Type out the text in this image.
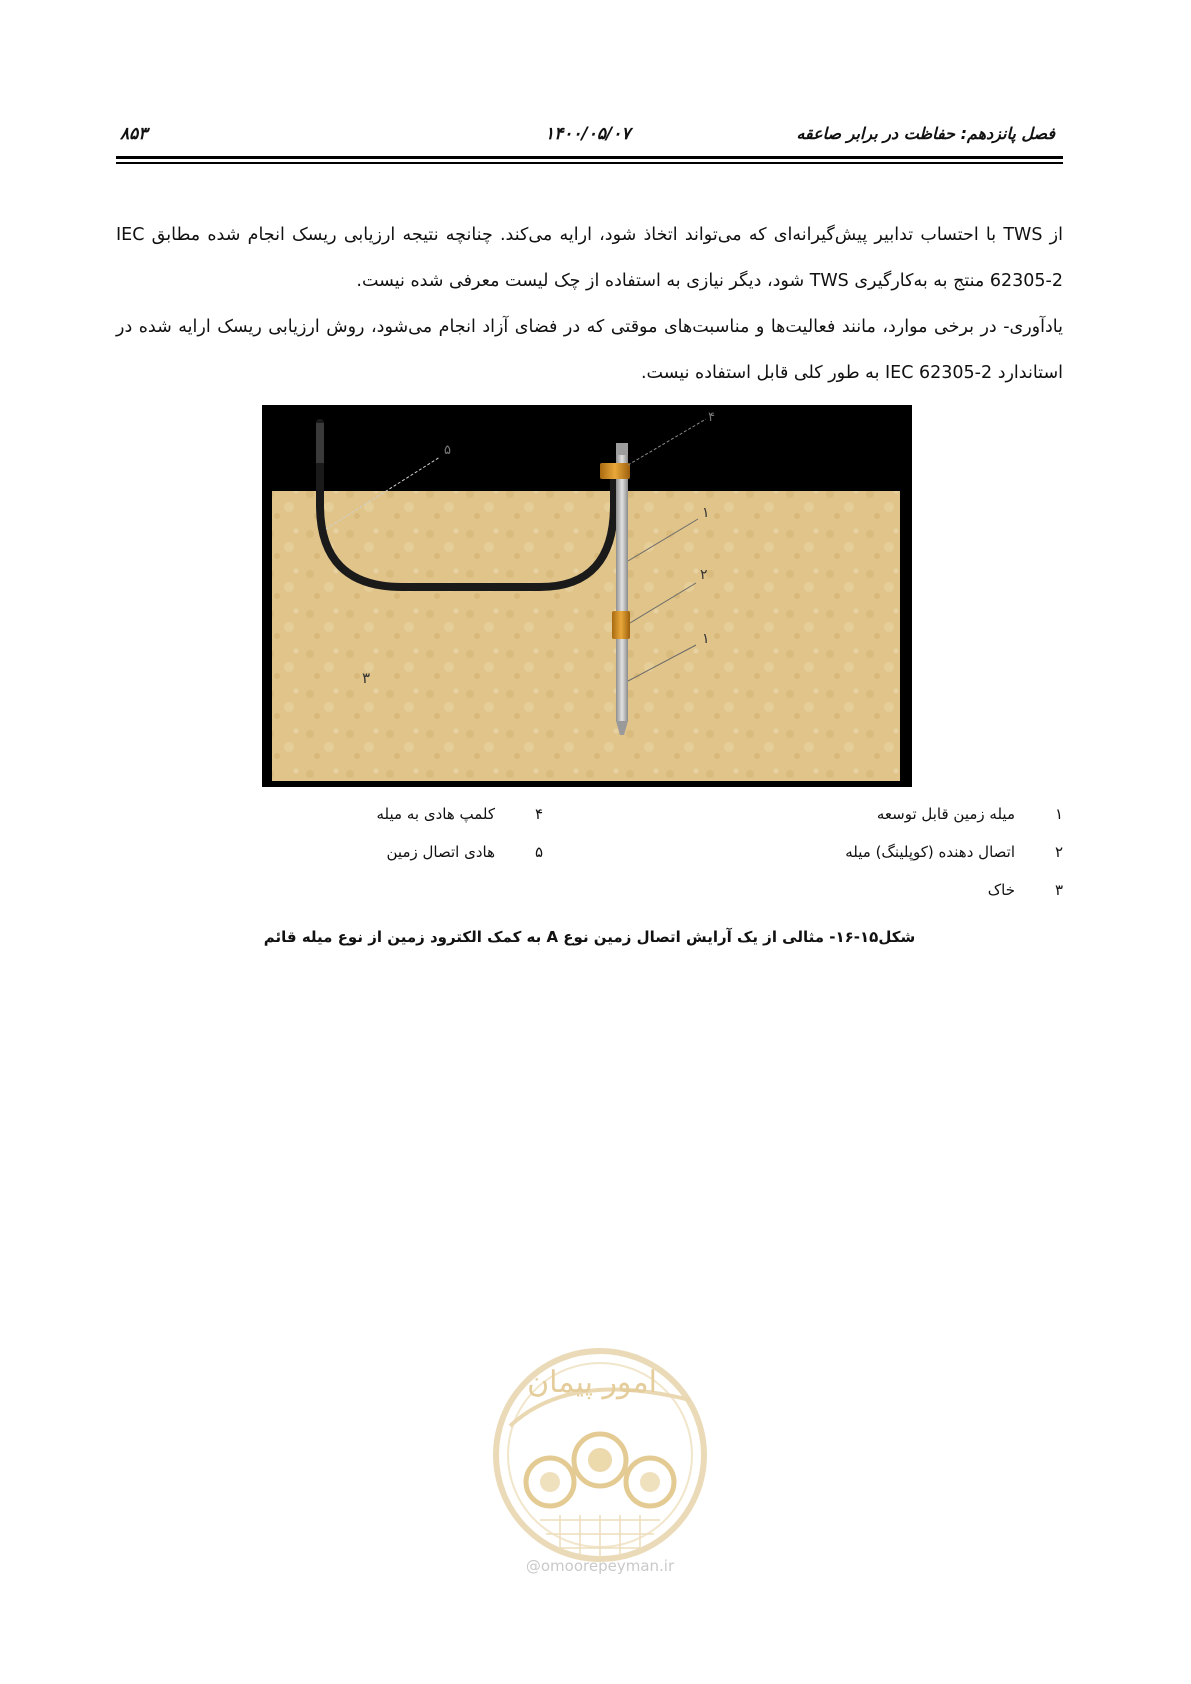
۸۵۳	۱۴۰۰/۰۵/۰۷	فصل پانزدهم: حفاظت در برابر صاعقه

از TWS با احتساب تدابیر پیش‌گیرانه‌ای که می‌تواند اتخاذ شود، ارایه می‌کند. چنانچه نتیجه ارزیابی ریسک انجام شده مطابق IEC 62305-2 منتج به به‌کارگیری TWS شود، دیگر نیازی به استفاده از چک لیست معرفی شده نیست.

یادآوری- در برخی موارد، مانند فعالیت‌ها و مناسبت‌های موقتی که در فضای آزاد انجام می‌شود، روش ارزیابی ریسک ارایه شده در استاندارد IEC 62305-2 به طور کلی قابل استفاده نیست.

۵
۴
۱
۲
۱
۳
۱میله زمین قابل توسعه
۲اتصال دهنده (کوپلینگ) میله
۳خاک
۴کلمپ هادی به میله
۵هادی اتصال زمین
شکل۱۵-۱۶- مثالی از یک آرایش اتصال زمین نوع A به کمک الکترود زمین از نوع میله قائم
امور پیمان
@omoorepeyman.ir
